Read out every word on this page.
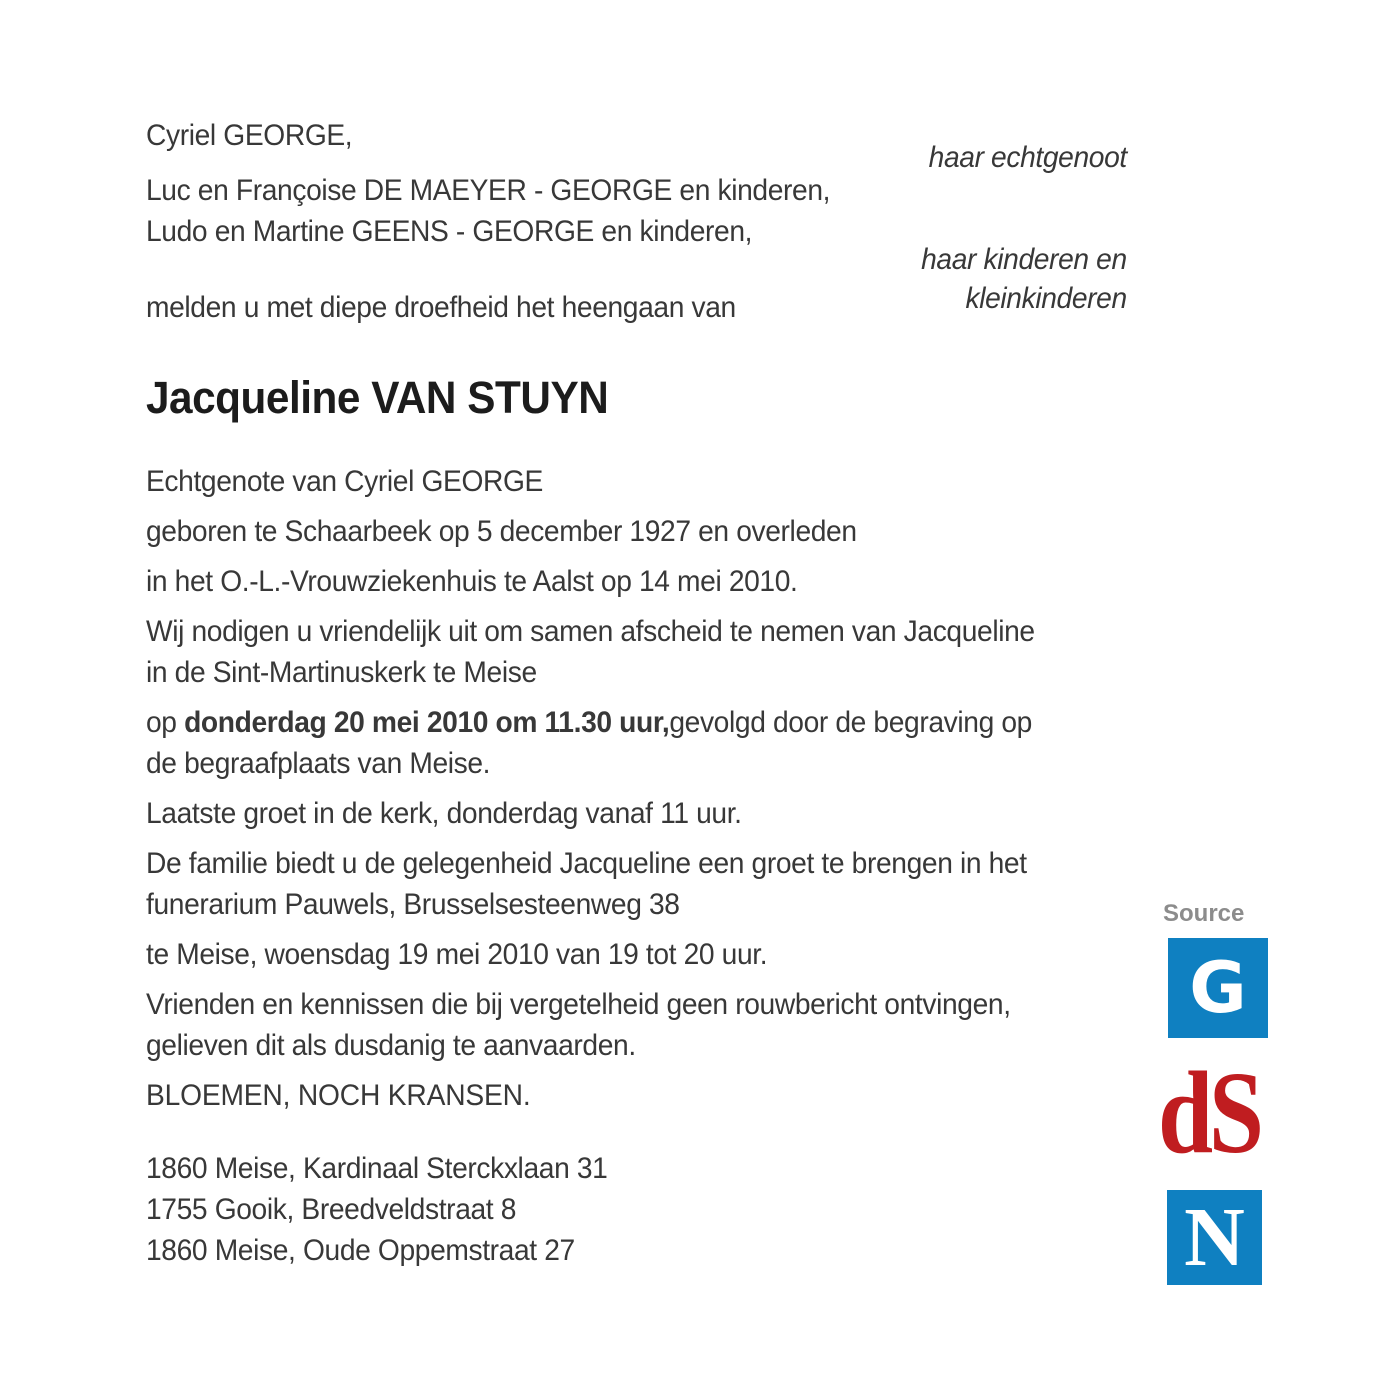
Cyriel GEORGE,
haar echtgenoot
Luc en Françoise DE MAEYER - GEORGE en kinderen,
Ludo en Martine GEENS - GEORGE en kinderen,
haar kinderen en
kleinkinderen
melden u met diepe droefheid het heengaan van
Jacqueline VAN STUYN
Echtgenote van Cyriel GEORGE
geboren te Schaarbeek op 5 december 1927 en overleden
in het O.-L.-Vrouwziekenhuis te Aalst op 14 mei 2010.
Wij nodigen u vriendelijk uit om samen afscheid te nemen van Jacqueline
in de Sint-Martinuskerk te Meise
op donderdag 20 mei 2010 om 11.30 uur,gevolgd door de begraving op
de begraafplaats van Meise.
Laatste groet in de kerk, donderdag vanaf 11 uur.
De familie biedt u de gelegenheid Jacqueline een groet te brengen in het
funerarium Pauwels, Brusselsesteenweg 38
te Meise, woensdag 19 mei 2010 van 19 tot 20 uur.
Vrienden en kennissen die bij vergetelheid geen rouwbericht ontvingen,
gelieven dit als dusdanig te aanvaarden.
BLOEMEN, NOCH KRANSEN.
1860 Meise, Kardinaal Sterckxlaan 31
1755 Gooik, Breedveldstraat 8
1860 Meise, Oude Oppemstraat 27
Source
G
dS
N
